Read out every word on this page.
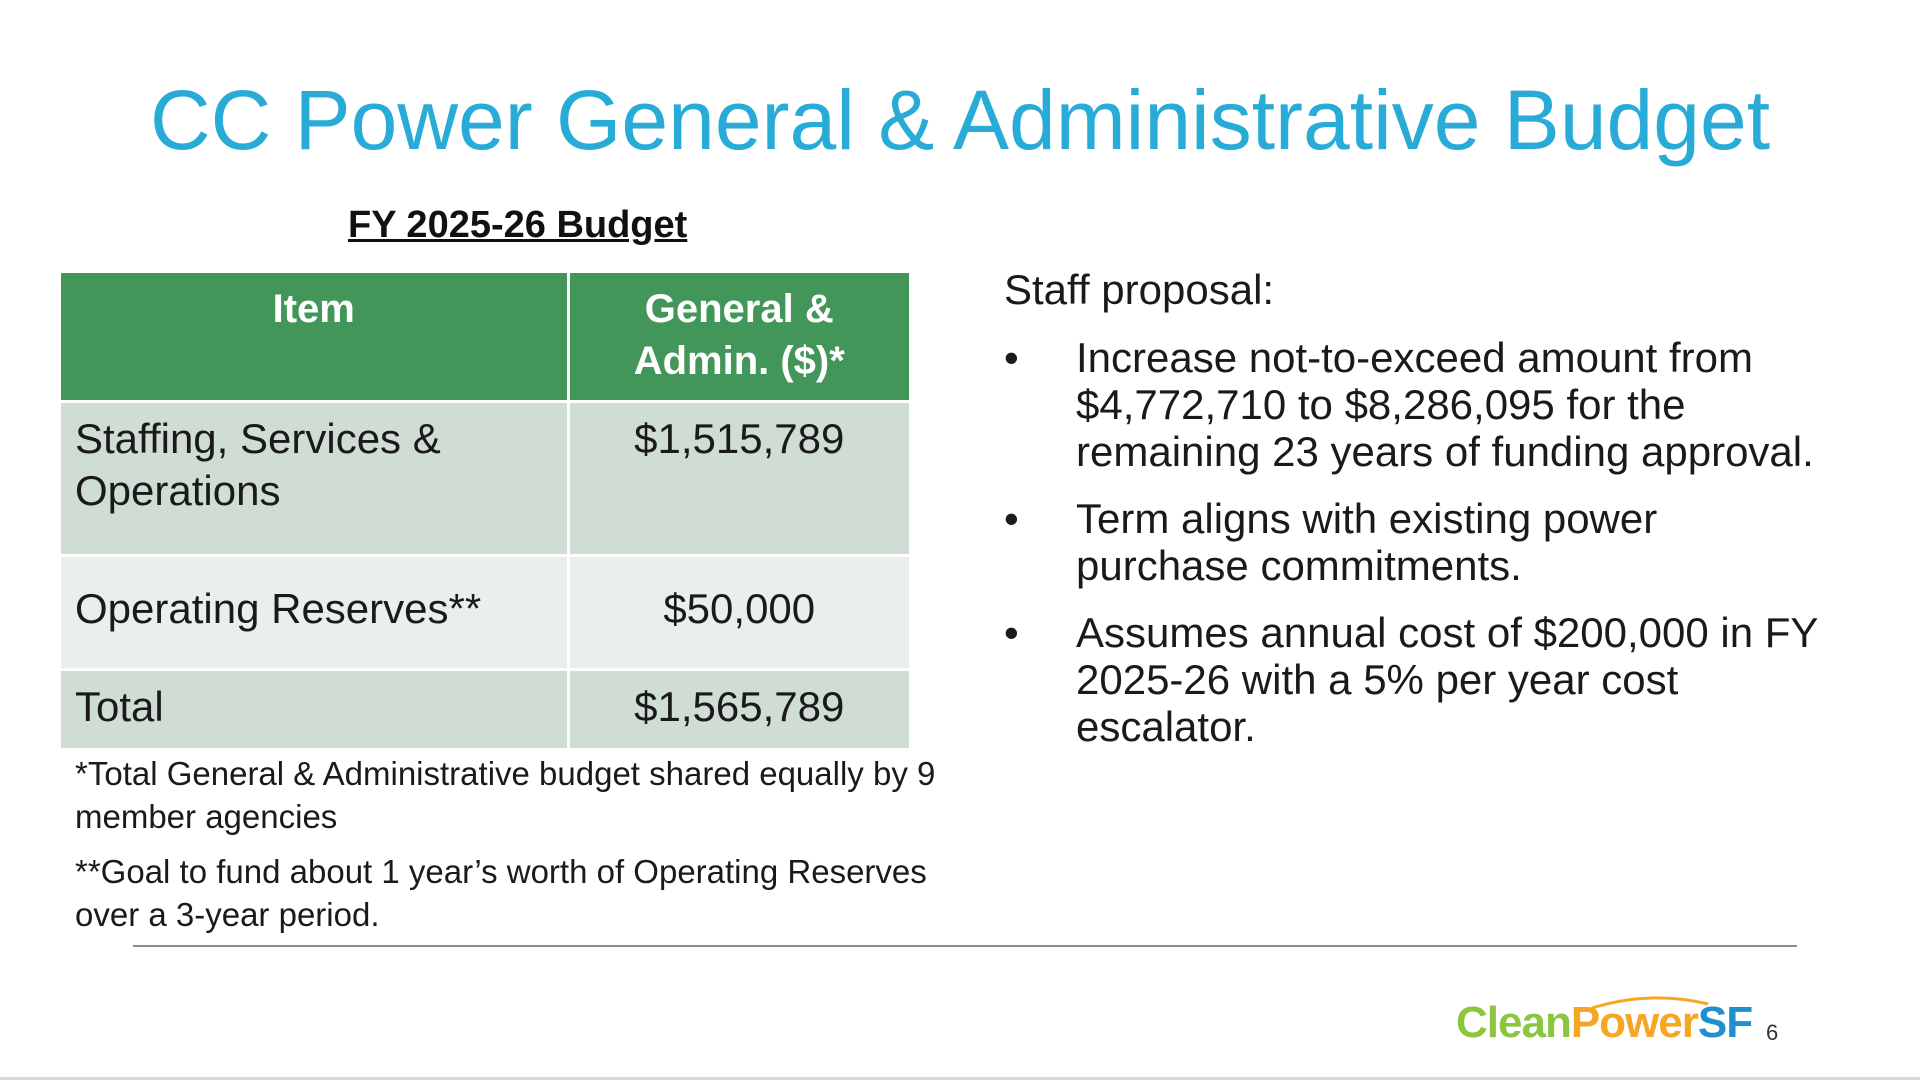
CC Power General & Administrative Budget
FY 2025-26 Budget
Item	General & Admin. ($)*
Staffing, Services & Operations	$1,515,789
Operating Reserves**	$50,000
Total	$1,565,789
*Total General & Administrative budget shared equally by 9 member agencies
**Goal to fund about 1 year’s worth of Operating Reserves over a 3-year period.
Staff proposal:
•	Increase not-to-exceed amount from $4,772,710 to $8,286,095 for the remaining 23 years of funding approval.
•	Term aligns with existing power purchase commitments.
•	Assumes annual cost of $200,000 in FY 2025-26 with a 5% per year cost escalator.
CleanPowerSF 6
